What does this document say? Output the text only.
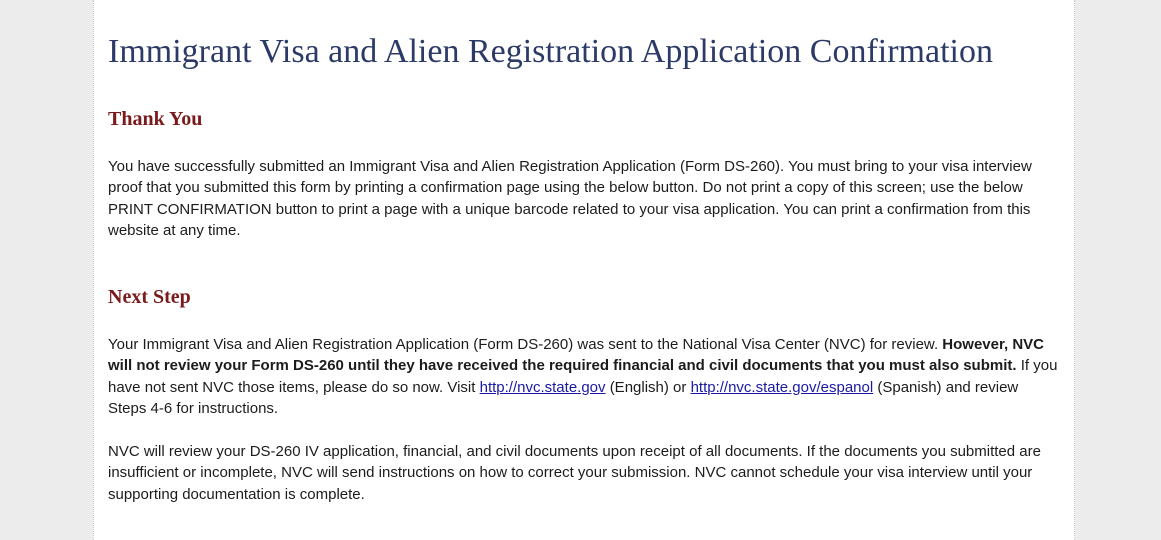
Immigrant Visa and Alien Registration Application Confirmation
Thank You

You have successfully submitted an Immigrant Visa and Alien Registration Application (Form DS-260). You must bring to your visa interview proof that you submitted this form by printing a confirmation page using the below button. Do not print a copy of this screen; use the below PRINT CONFIRMATION button to print a page with a unique barcode related to your visa application. You can print a confirmation from this website at any time.

Next Step

Your Immigrant Visa and Alien Registration Application (Form DS-260) was sent to the National Visa Center (NVC) for review. However, NVC will not review your Form DS-260 until they have received the required financial and civil documents that you must also submit. If you have not sent NVC those items, please do so now. Visit http://nvc.state.gov (English) or http://nvc.state.gov/espanol (Spanish) and review Steps 4-6 for instructions.

NVC will review your DS-260 IV application, financial, and civil documents upon receipt of all documents. If the documents you submitted are insufficient or incomplete, NVC will send instructions on how to correct your submission. NVC cannot schedule your visa interview until your supporting documentation is complete.
